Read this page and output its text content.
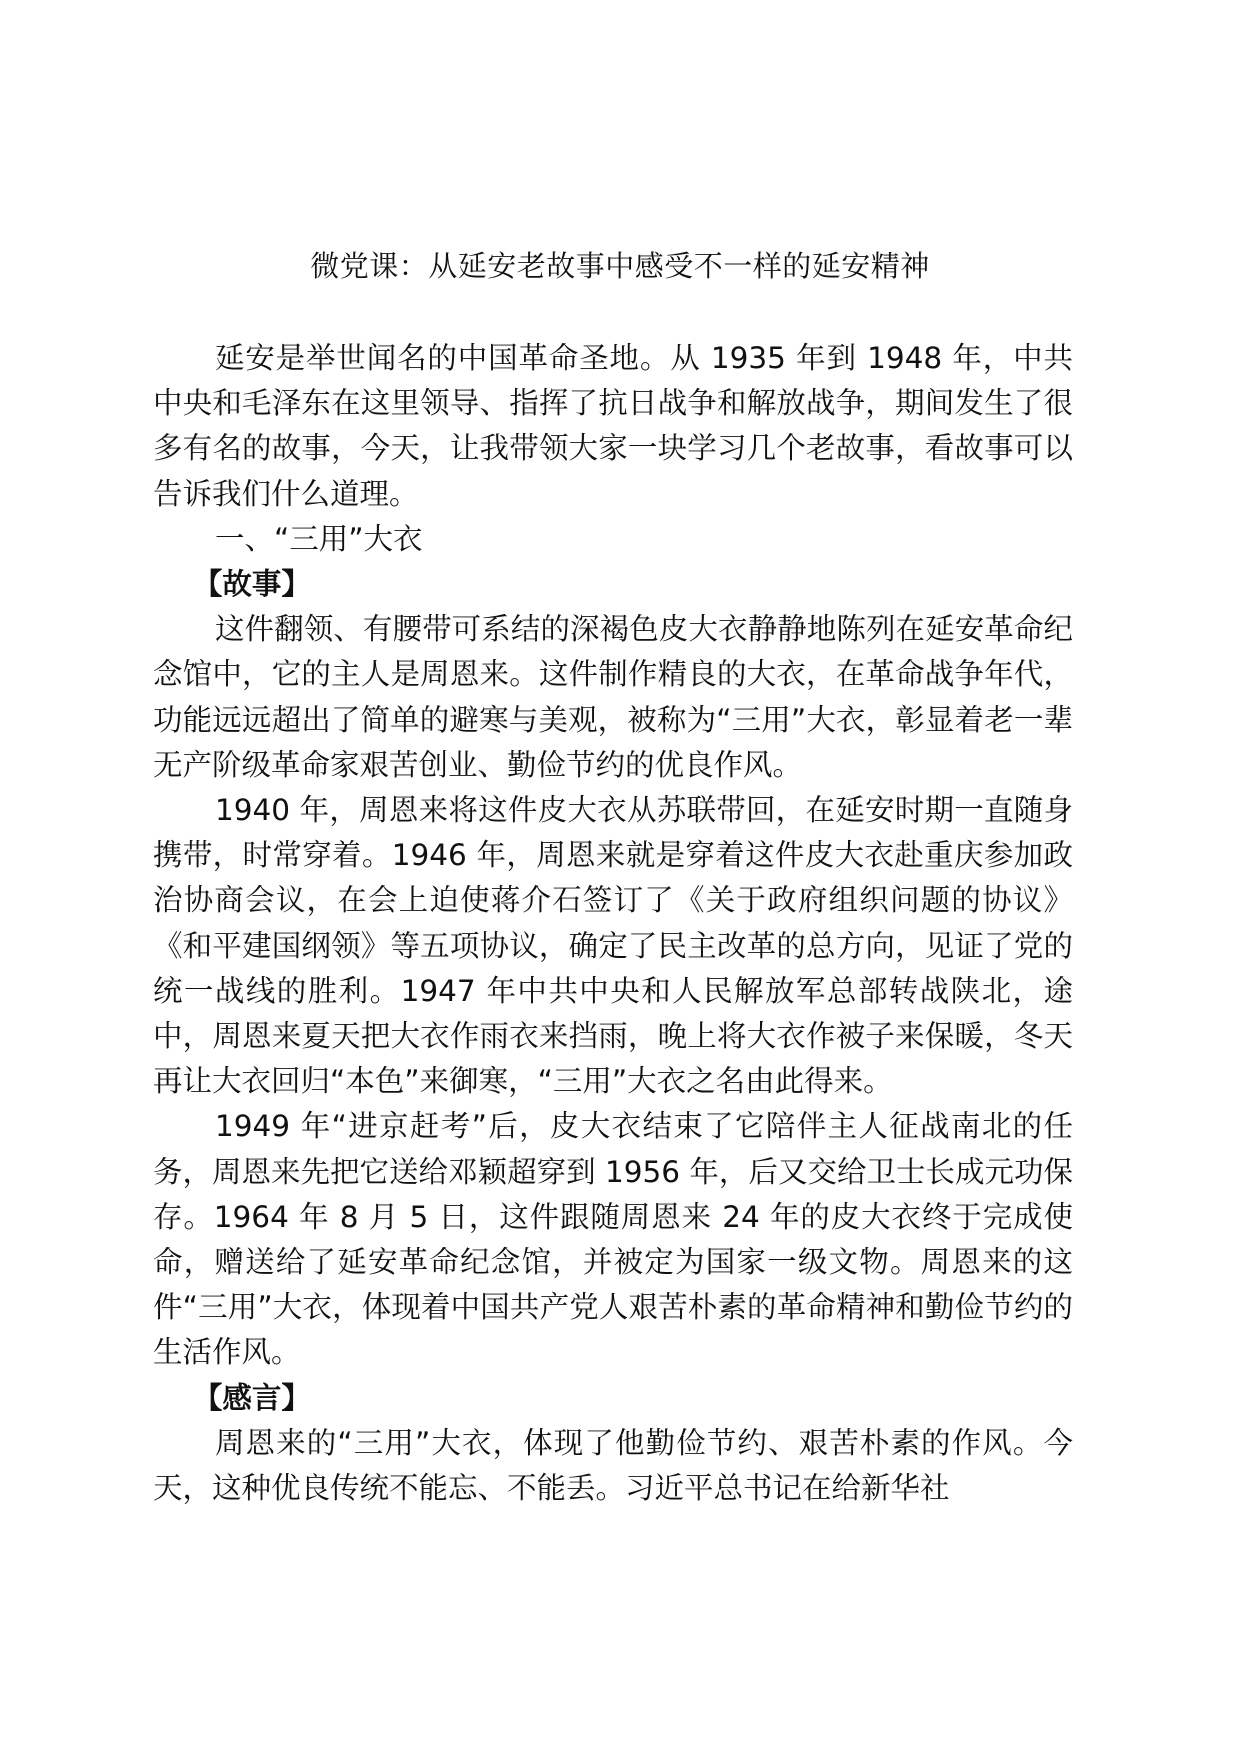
微党课：从延安老故事中感受不一样的延安精神

延安是举世闻名的中国革命圣地。从 1935 年到 1948 年，中共中央和毛泽东在这里领导、指挥了抗日战争和解放战争，期间发生了很多有名的故事，今天，让我带领大家一块学习几个老故事，看故事可以告诉我们什么道理。

一、“三用”大衣

【故事】

这件翻领、有腰带可系结的深褐色皮大衣静静地陈列在延安革命纪念馆中，它的主人是周恩来。这件制作精良的大衣，在革命战争年代，功能远远超出了简单的避寒与美观，被称为“三用”大衣，彰显着老一辈无产阶级革命家艰苦创业、勤俭节约的优良作风。

1940 年，周恩来将这件皮大衣从苏联带回，在延安时期一直随身携带，时常穿着。1946 年，周恩来就是穿着这件皮大衣赴重庆参加政治协商会议，在会上迫使蒋介石签订了《关于政府组织问题的协议》《和平建国纲领》等五项协议，确定了民主改革的总方向，见证了党的统一战线的胜利。1947 年中共中央和人民解放军总部转战陕北，途中，周恩来夏天把大衣作雨衣来挡雨，晚上将大衣作被子来保暖，冬天再让大衣回归“本色”来御寒，“三用”大衣之名由此得来。

1949 年“进京赶考”后，皮大衣结束了它陪伴主人征战南北的任务，周恩来先把它送给邓颖超穿到 1956 年，后又交给卫士长成元功保存。1964 年 8 月 5 日，这件跟随周恩来 24 年的皮大衣终于完成使命，赠送给了延安革命纪念馆，并被定为国家一级文物。周恩来的这件“三用”大衣，体现着中国共产党人艰苦朴素的革命精神和勤俭节约的生活作风。

【感言】

周恩来的“三用”大衣，体现了他勤俭节约、艰苦朴素的作风。今天，这种优良传统不能忘、不能丢。习近平总书记在给新华社
